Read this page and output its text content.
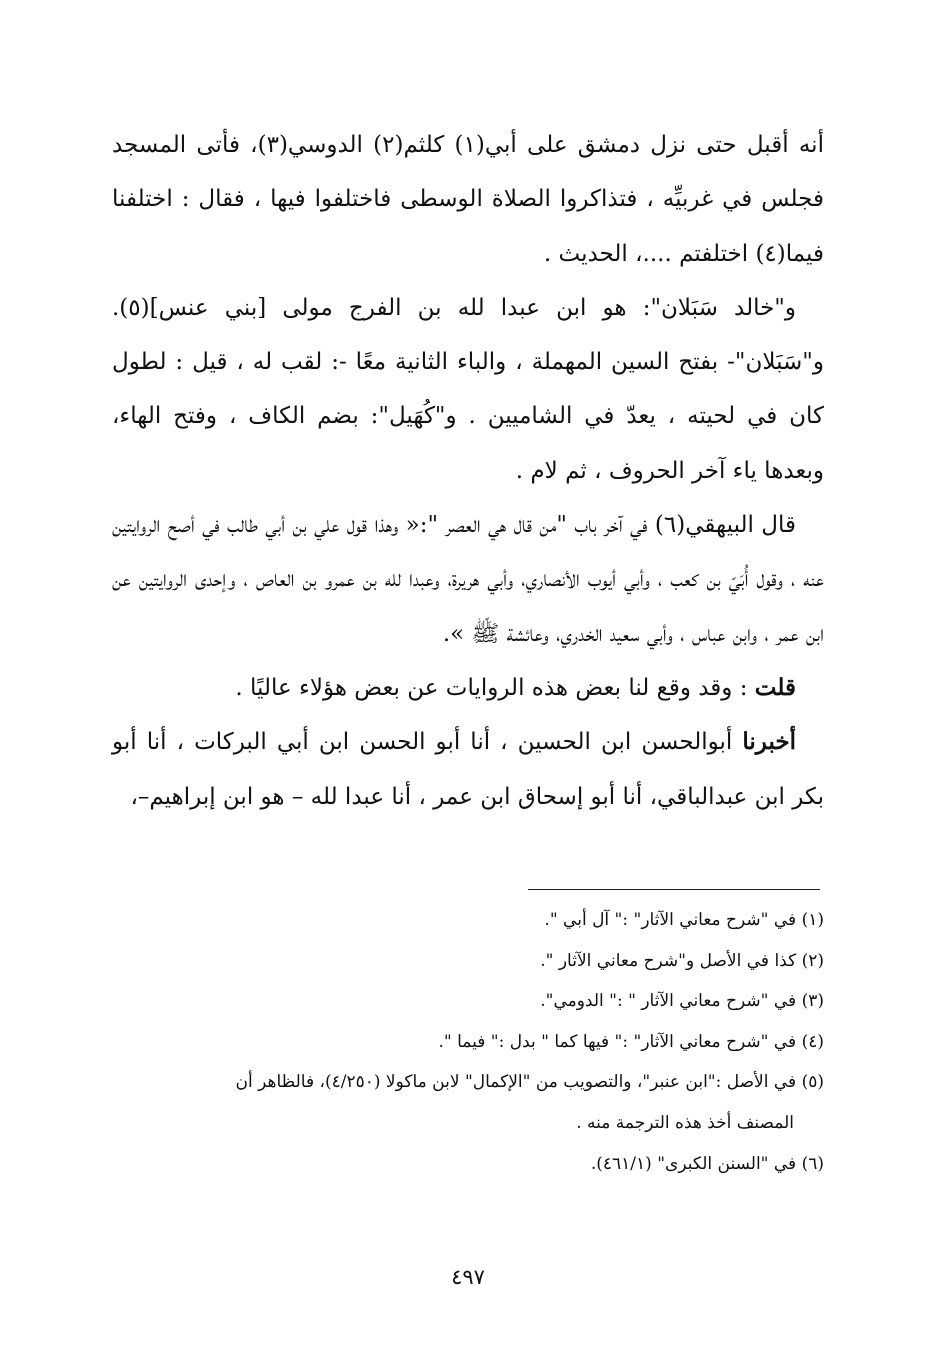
أنه أقبل حتى نزل دمشق على أبي(١) كلثم(٢) الدوسي(٣)، فأتى المسجد فجلس في غربيِّه ، فتذاكروا الصلاة الوسطى فاختلفوا فيها ، فقال : اختلفنا فيما(٤) اختلفتم ....، الحديث .

و"خالد سَبَلان": هو ابن عبدا لله بن الفرج مولى [بني عنس](٥). و"سَبَلان"- بفتح السين المهملة ، والباء الثانية معًا -: لقب له ، قيل : لطول كان في لحيته ، يعدّ في الشاميين . و"كُهَيل": بضم الكاف ، وفتح الهاء، وبعدها ياء آخر الحروف ، ثم لام .

قال البيهقي(٦) في آخر باب "من قال هي العصر ":« وهذا قول علي بن أبي طالب في أصح الروايتين عنه ، وقول أُبَيّ بن كعب ، وأبي أيوب الأنصاري، وأبي هريرة، وعبدا لله بن عمرو بن العاص ، وإحدى الروايتين عن ابن عمر ، وابن عباس ، وأبي سعيد الخدري، وعائشة ﷺ ».

قلت : وقد وقع لنا بعض هذه الروايات عن بعض هؤلاء عاليًا .

أخبرنا أبوالحسن ابن الحسين ، أنا أبو الحسن ابن أبي البركات ، أنا أبو بكر ابن عبدالباقي، أنا أبو إسحاق ابن عمر ، أنا عبدا لله – هو ابن إبراهيم–،

(١) في "شرح معاني الآثار" :" آل أبي ".

(٢) كذا في الأصل و"شرح معاني الآثار ".

(٣) في "شرح معاني الآثار " :" الدومي".

(٤) في "شرح معاني الآثار" :" فيها كما " بدل :" فيما ".

(٥) في الأصل :"ابن عنبر"، والتصويب من "الإكمال" لابن ماكولا (٤/٢٥٠)، فالظاهر أن

المصنف أخذ هذه الترجمة منه .

(٦) في "السنن الكبرى" (٤٦١/١).

٤٩٧
